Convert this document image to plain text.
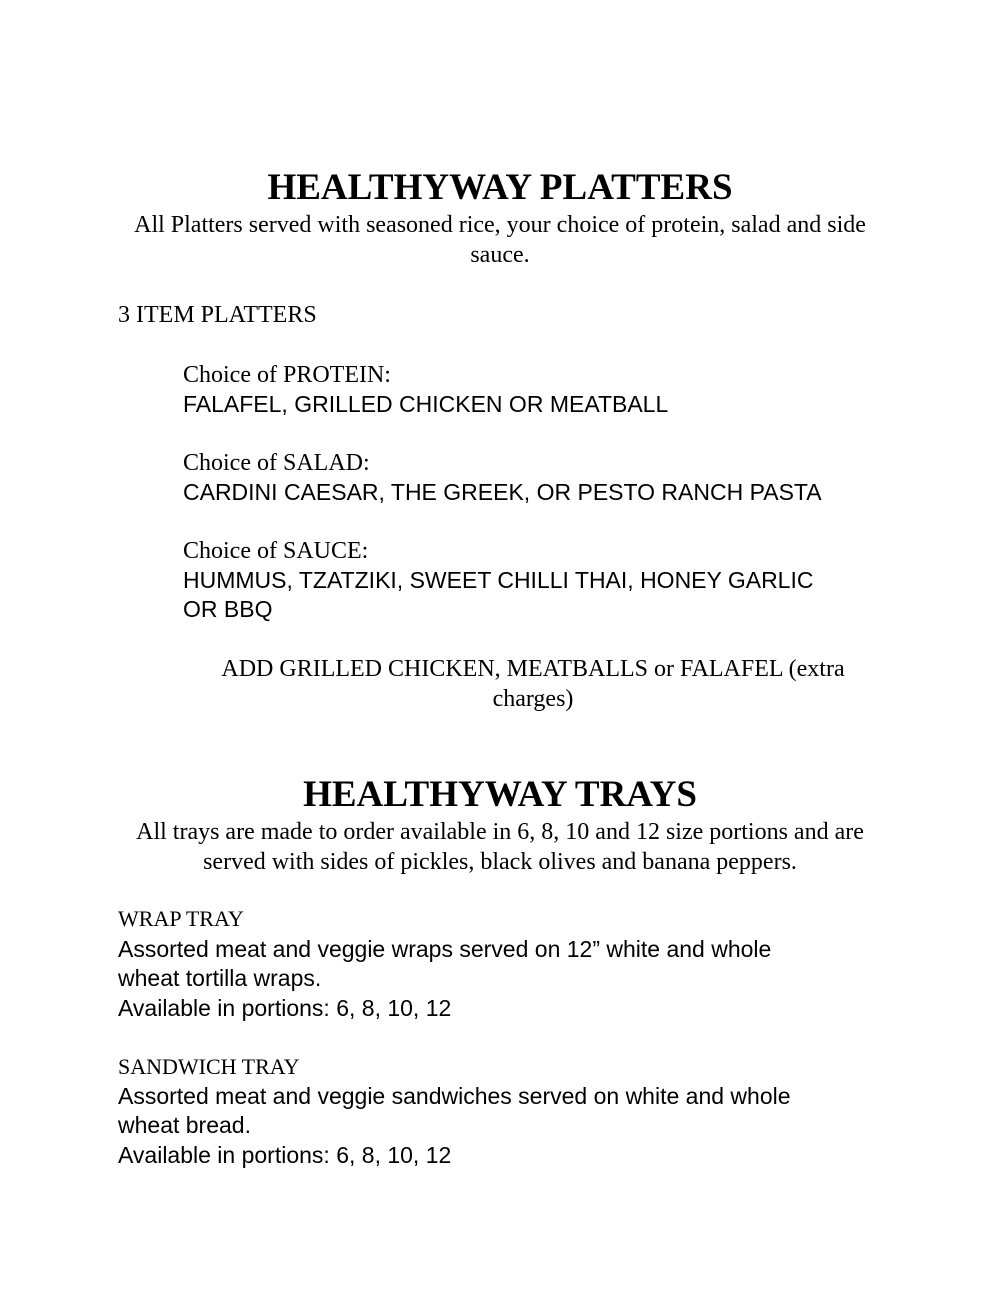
HEALTHYWAY PLATTERS

All Platters served with seasoned rice, your choice of protein, salad and side sauce.

3 ITEM PLATTERS

Choice of PROTEIN:

FALAFEL, GRILLED CHICKEN OR MEATBALL

Choice of SALAD:

CARDINI CAESAR, THE GREEK, OR PESTO RANCH PASTA

Choice of SAUCE:

HUMMUS, TZATZIKI, SWEET CHILLI THAI, HONEY GARLIC

OR BBQ

ADD GRILLED CHICKEN, MEATBALLS or FALAFEL (extra charges)

HEALTHYWAY TRAYS

All trays are made to order available in 6, 8, 10 and 12 size portions and are served with sides of pickles, black olives and banana peppers.

WRAP TRAY

Assorted meat and veggie wraps served on 12” white and whole

wheat tortilla wraps.

Available in portions: 6, 8, 10, 12

SANDWICH TRAY

Assorted meat and veggie sandwiches served on white and whole

wheat bread.

Available in portions: 6, 8, 10, 12
